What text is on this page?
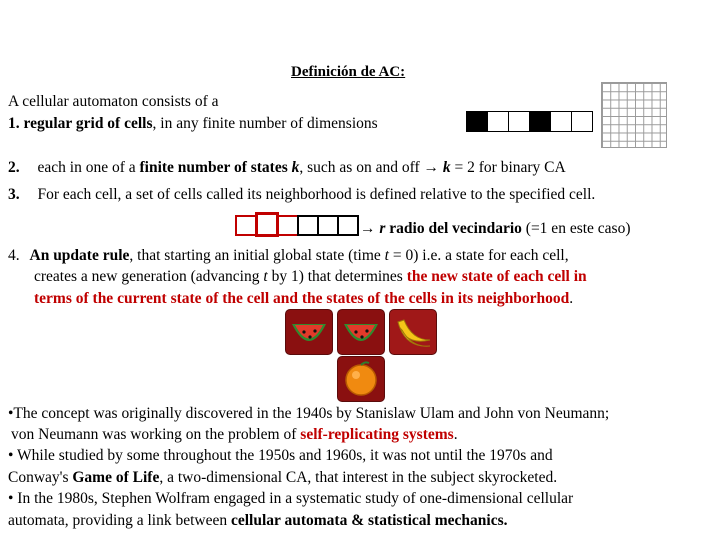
Definición de AC:
A cellular automaton consists of a
1. regular grid of cells, in any finite number of dimensions
2. each in one of a finite number of states k, such as on and off → k = 2 for binary CA
3. For each cell, a set of cells called its neighborhood is defined relative to the specified cell.
→ r radio del vecindario (=1 en este caso)
4. An update rule, that starting an initial global state (time t = 0) i.e. a state for each cell,
creates a new generation (advancing t by 1) that determines the new state of each cell in
terms of the current state of the cell and the states of the cells in its neighborhood.
•The concept was originally discovered in the 1940s by Stanislaw Ulam and John von Neumann;
von Neumann was working on the problem of self-replicating systems.
• While studied by some throughout the 1950s and 1960s, it was not until the 1970s and
Conway's Game of Life, a two-dimensional CA, that interest in the subject skyrocketed.
• In the 1980s, Stephen Wolfram engaged in a systematic study of one-dimensional cellular
automata, providing a link between cellular automata & statistical mechanics.
